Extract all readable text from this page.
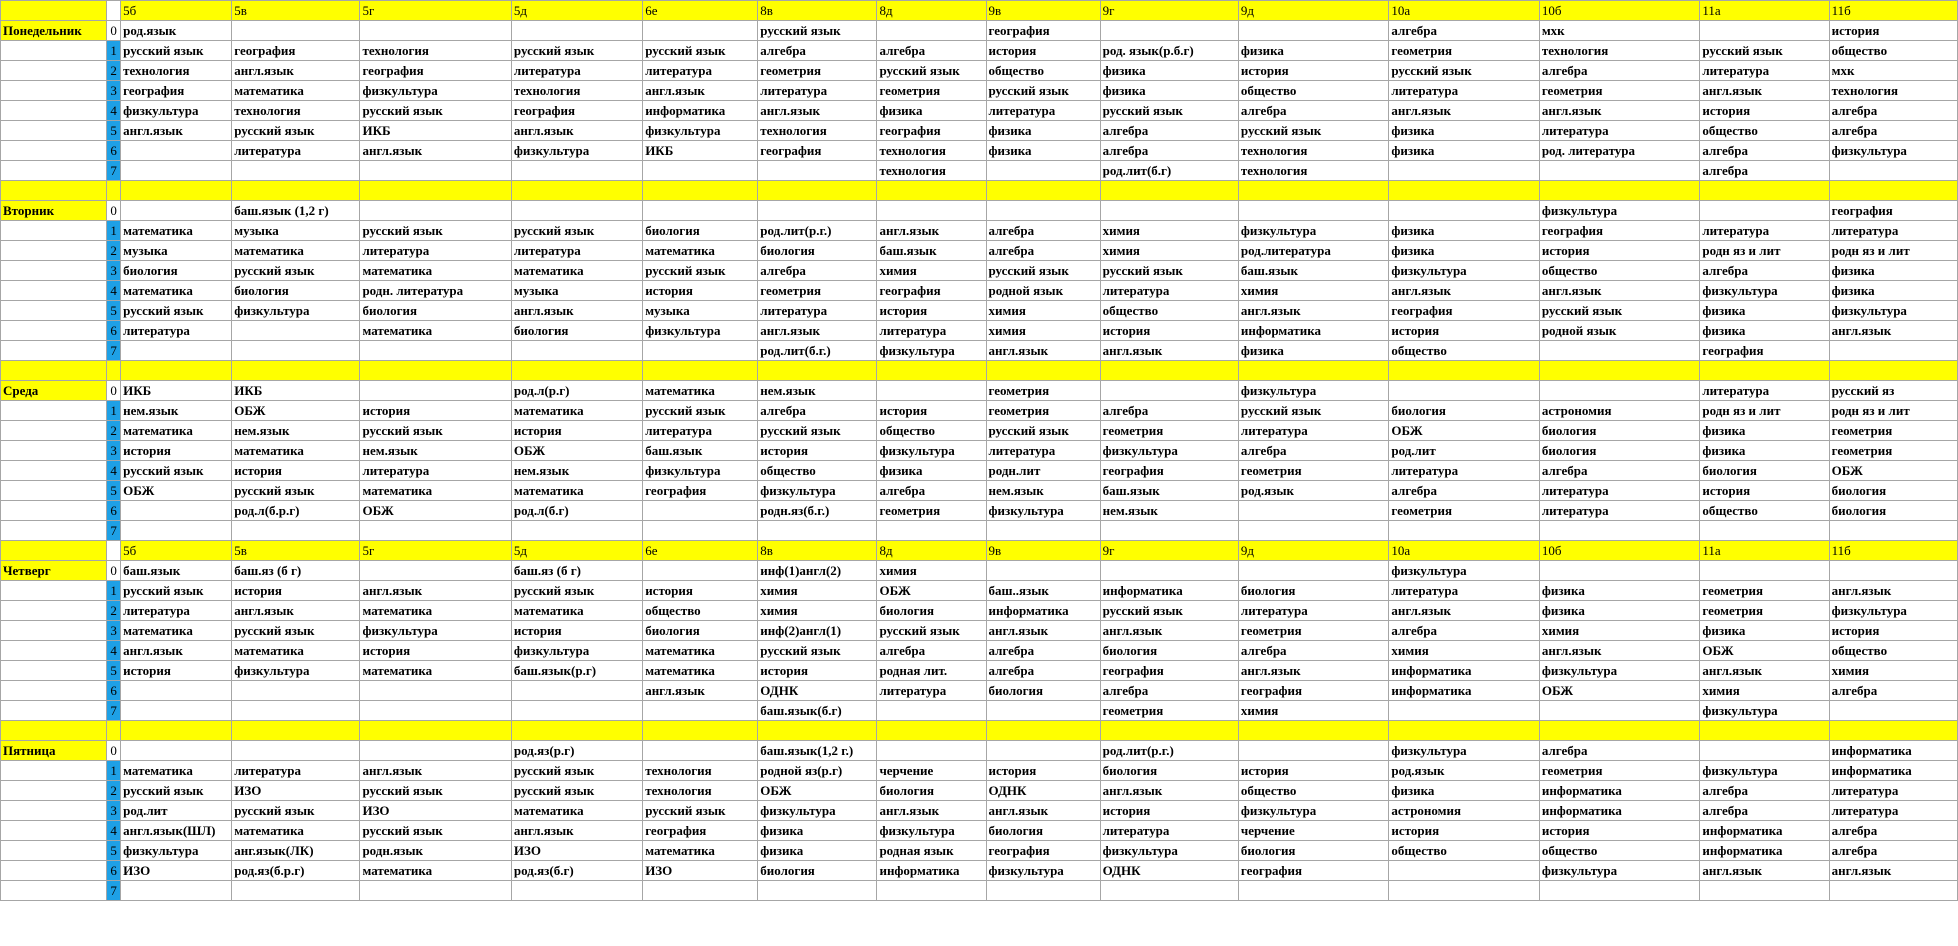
		5б	5в	5г	5д	6е	8в	8д	9в	9г	9д	10а	10б	11а	11б
Понедельник	0	род.язык					русский язык		география			алгебра	мхк		история
	1	русский язык	география	технология	русский язык	русский язык	алгебра	алгебра	история	род. язык(р.б.г)	физика	геометрия	технология	русский язык	общество
	2	технология	англ.язык	география	литература	литература	геометрия	русский язык	общество	физика	история	русский язык	алгебра	литература	мхк
	3	география	математика	физкультура	технология	англ.язык	литература	геометрия	русский язык	физика	общество	литература	геометрия	англ.язык	технология
	4	физкультура	технология	русский язык	география	информатика	англ.язык	физика	литература	русский язык	алгебра	англ.язык	англ.язык	история	алгебра
	5	англ.язык	русский язык	ИКБ	англ.язык	физкультура	технология	география	физика	алгебра	русский язык	физика	литература	общество	алгебра
	6		литература	англ.язык	физкультура	ИКБ	география	технология	физика	алгебра	технология	физика	род. литература	алгебра	физкультура
	7							технология		род.лит(б.г)	технология			алгебра	

Вторник	0		баш.язык (1,2 г)										физкультура		география
	1	математика	музыка	русский язык	русский язык	биология	род.лит(р.г.)	англ.язык	алгебра	химия	физкультура	физика	география	литература	литература
	2	музыка	математика	литература	литература	математика	биология	баш.язык	алгебра	химия	род.литература	физика	история	родн яз и лит	родн яз и лит
	3	биология	русский язык	математика	математика	русский язык	алгебра	химия	русский язык	русский язык	баш.язык	физкультура	общество	алгебра	физика
	4	математика	биология	родн. литература	музыка	история	геометрия	география	родной язык	литература	химия	англ.язык	англ.язык	физкультура	физика
	5	русский язык	физкультура	биология	англ.язык	музыка	литература	история	химия	общество	англ.язык	география	русский язык	физика	физкультура
	6	литература		математика	биология	физкультура	англ.язык	литература	химия	история	информатика	история	родной язык	физика	англ.язык
	7						род.лит(б.г.)	физкультура	англ.язык	англ.язык	физика	общество		география	

Среда	0	ИКБ	ИКБ		род.л(р.г)	математика	нем.язык		геометрия		физкультура			литература	русский яз
	1	нем.язык	ОБЖ	история	математика	русский язык	алгебра	история	геометрия	алгебра	русский язык	биология	астрономия	родн яз и лит	родн яз и лит
	2	математика	нем.язык	русский язык	история	литература	русский язык	общество	русский язык	геометрия	литература	ОБЖ	биология	физика	геометрия
	3	история	математика	нем.язык	ОБЖ	баш.язык	история	физкультура	литература	физкультура	алгебра	род.лит	биология	физика	геометрия
	4	русский язык	история	литература	нем.язык	физкультура	общество	физика	родн.лит	география	геометрия	литература	алгебра	биология	ОБЖ
	5	ОБЖ	русский язык	математика	математика	география	физкультура	алгебра	нем.язык	баш.язык	род.язык	алгебра	литература	история	биология
	6		род.л(б.р.г)	ОБЖ	род.л(б.г)		родн.яз(б.г.)	геометрия	физкультура	нем.язык		геометрия	литература	общество	биология
	7														
		5б	5в	5г	5д	6е	8в	8д	9в	9г	9д	10а	10б	11а	11б
Четверг	0	баш.язык	баш.яз (б г)		баш.яз (б г)		инф(1)англ(2)	химия				физкультура			
	1	русский язык	история	англ.язык	русский язык	история	химия	ОБЖ	баш..язык	информатика	биология	литература	физика	геометрия	англ.язык
	2	литература	англ.язык	математика	математика	общество	химия	биология	информатика	русский язык	литература	англ.язык	физика	геометрия	физкультура
	3	математика	русский язык	физкультура	история	биология	инф(2)англ(1)	русский язык	англ.язык	англ.язык	геометрия	алгебра	химия	физика	история
	4	англ.язык	математика	история	физкультура	математика	русский язык	алгебра	алгебра	биология	алгебра	химия	англ.язык	ОБЖ	общество
	5	история	физкультура	математика	баш.язык(р.г)	математика	история	родная лит.	алгебра	география	англ.язык	информатика	физкультура	англ.язык	химия
	6					англ.язык	ОДНК	литература	биология	алгебра	география	информатика	ОБЖ	химия	алгебра
	7						баш.язык(б.г)			геометрия	химия			физкультура	

Пятница	0				род.яз(р.г)		баш.язык(1,2 г.)			род.лит(р.г.)		физкультура	алгебра		информатика
	1	математика	литература	англ.язык	русский язык	технология	родной яз(р.г)	черчение	история	биология	история	род.язык	геометрия	физкультура	информатика
	2	русский язык	ИЗО	русский язык	русский язык	технология	ОБЖ	биология	ОДНК	англ.язык	общество	физика	информатика	алгебра	литература
	3	род.лит	русский язык	ИЗО	математика	русский язык	физкультура	англ.язык	англ.язык	история	физкультура	астрономия	информатика	алгебра	литература
	4	англ.язык(ШЛ)	математика	русский язык	англ.язык	география	физика	физкультура	биология	литература	черчение	история	история	информатика	алгебра
	5	физкультура	анг.язык(ЛК)	родн.язык	ИЗО	математика	физика	родная язык	география	физкультура	биология	общество	общество	информатика	алгебра
	6	ИЗО	род.яз(б.р.г)	математика	род.яз(б.г)	ИЗО	биология	информатика	физкультура	ОДНК	география		физкультура	англ.язык	англ.язык
	7														
